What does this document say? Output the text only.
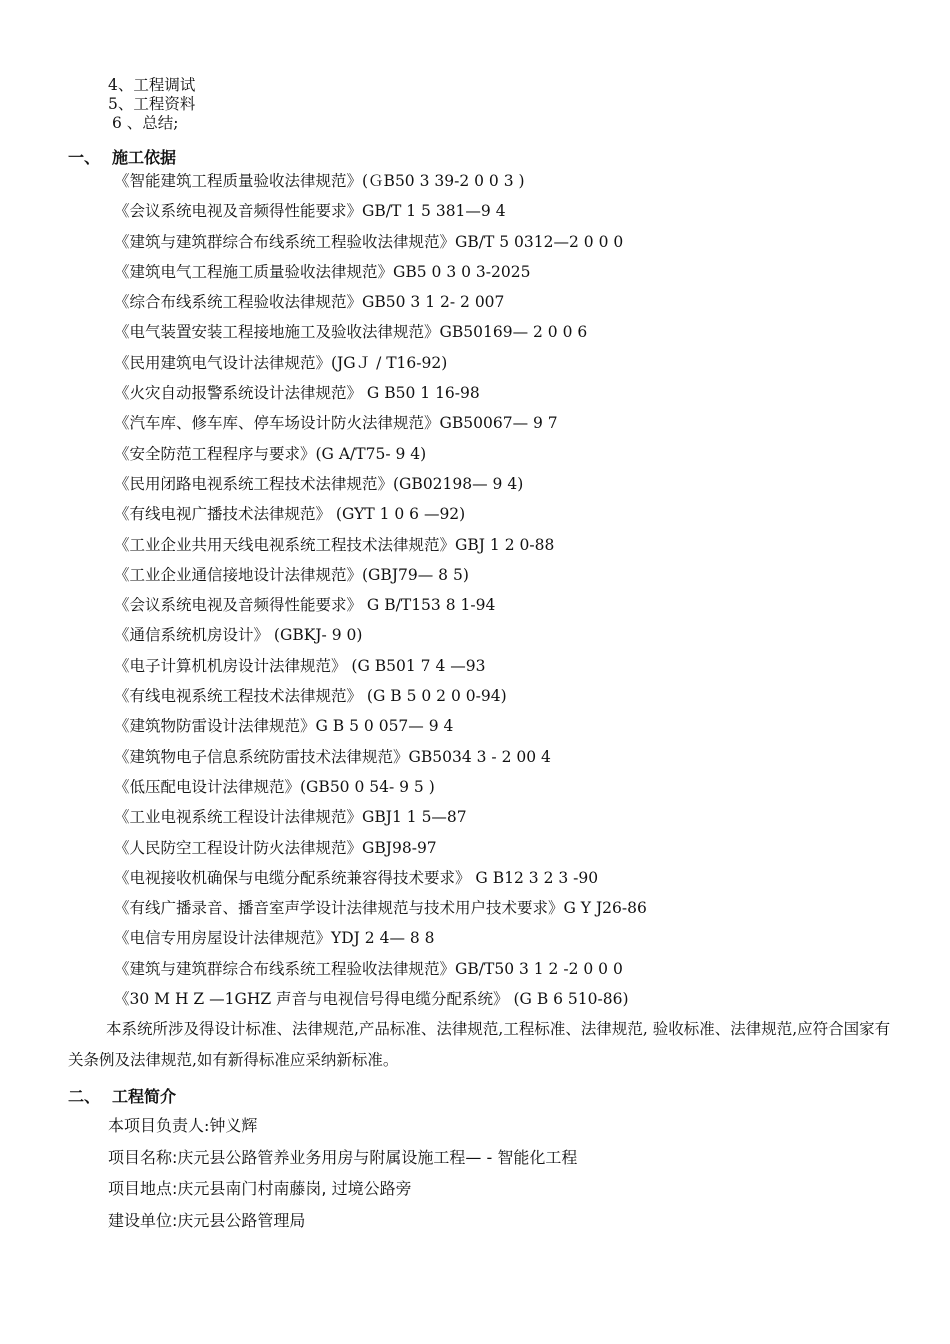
4、工程调试
5、工程资料
6 、总结;
一、 施工依据
《智能建筑工程质量验收法律规范》(ＧB50 3 39-2 0 0 3 )
《会议系统电视及音频得性能要求》GB/T 1 5 381—9 4
《建筑与建筑群综合布线系统工程验收法律规范》GB/T 5 0312—2 0 0 0
《建筑电气工程施工质量验收法律规范》GB5 0 3 0 3-2025
《综合布线系统工程验收法律规范》GB50 3 1 2- 2 007
《电气装置安装工程接地施工及验收法律规范》GB50169— 2 0 0 6
《民用建筑电气设计法律规范》(JGＪ / T16-92)
《火灾自动报警系统设计法律规范》 G B50 1 16-98
《汽车库、修车库、停车场设计防火法律规范》GB50067— 9 7
《安全防范工程程序与要求》(G A/T75- 9 4)
《民用闭路电视系统工程技术法律规范》(GB02198— 9 4)
《有线电视广播技术法律规范》 (GYT 1 0 6 —92)
《工业企业共用天线电视系统工程技术法律规范》GBJ 1 2 0-88
《工业企业通信接地设计法律规范》(GBJ79— 8 5)
《会议系统电视及音频得性能要求》 G B/T153 8 1-94
《通信系统机房设计》 (GBKJ- 9 0)
《电子计算机机房设计法律规范》 (G B501 7 4 —93
《有线电视系统工程技术法律规范》 (G B 5 0 2 0 0-94)
《建筑物防雷设计法律规范》G B 5 0 057— 9 4
《建筑物电子信息系统防雷技术法律规范》GB5034 3 - 2 00 4
《低压配电设计法律规范》(GB50 0 54- 9 5 )
《工业电视系统工程设计法律规范》GBJ1 1 5—87
《人民防空工程设计防火法律规范》GBJ98-97
《电视接收机确保与电缆分配系统兼容得技术要求》 G B12 3 2 3 -90
《有线广播录音、播音室声学设计法律规范与技术用户技术要求》G Y J26-86
《电信专用房屋设计法律规范》YDJ 2 4— 8 8
《建筑与建筑群综合布线系统工程验收法律规范》GB/T50 3 1 2 -2 0 0 0
《30 M H Z —1GHZ 声音与电视信号得电缆分配系统》 (G B 6 510-86)
本系统所涉及得设计标准、法律规范,产品标准、法律规范,工程标准、法律规范, 验收标准、法律规范,应符合国家有关条例及法律规范,如有新得标准应采纳新标准。
二、 工程简介
本项目负责人:钟义辉
项目名称:庆元县公路管养业务用房与附属设施工程— - 智能化工程
项目地点:庆元县南门村南藤岗, 过境公路旁
建设单位:庆元县公路管理局
